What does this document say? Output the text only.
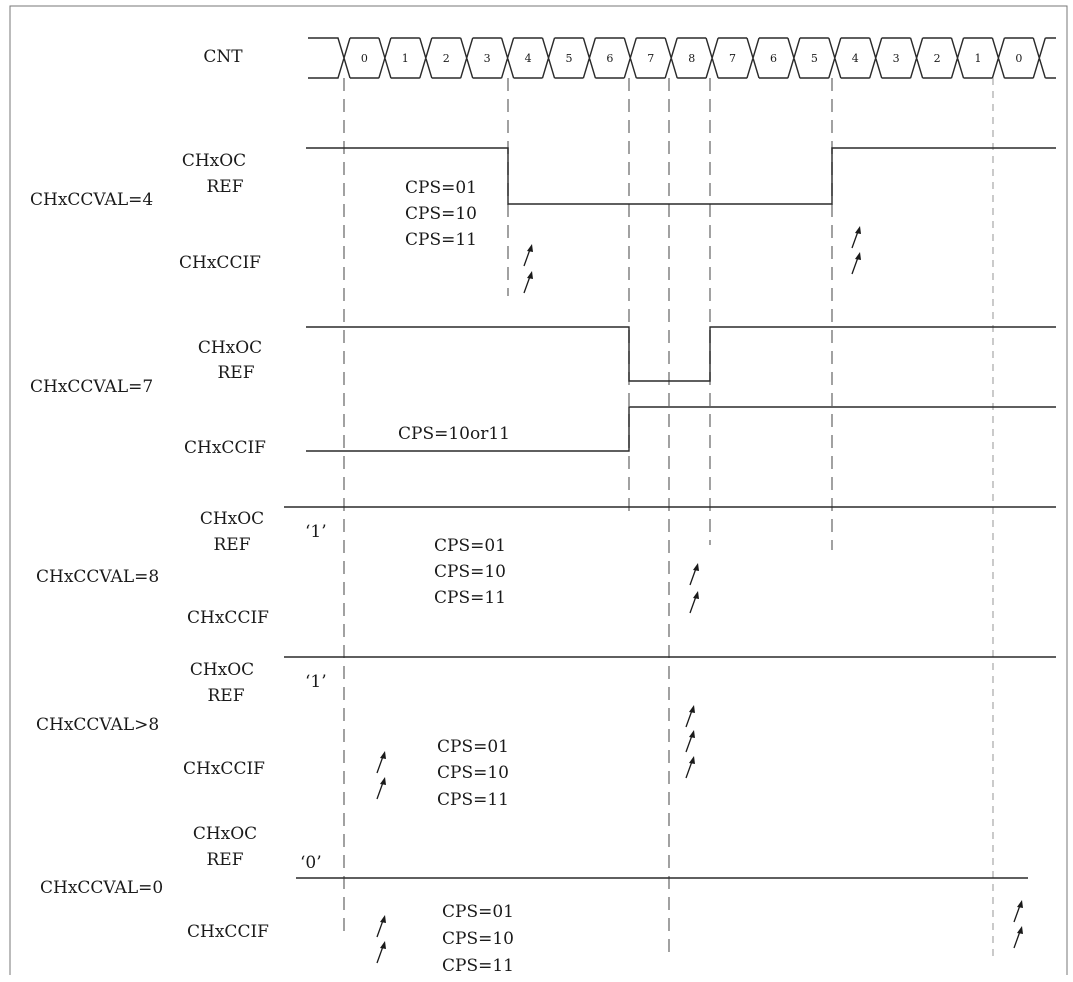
CNT	0	1	2	3	4	5	6	7	8	7	6	5	4	3	2	1	0
CHxCCVAL=4
CHxOC
REF
CHxCCIF
CPS=01
CPS=10
CPS=11
CHxCCVAL=7
CHxOC
REF
CHxCCIF
CPS=10or11
CHxCCVAL=8
CHxOC
REF
CHxCCIF
‘1’
CPS=01
CPS=10
CPS=11
CHxCCVAL>8
CHxOC
REF
CHxCCIF
‘1’
CPS=01
CPS=10
CPS=11
CHxCCVAL=0
CHxOC
REF
CHxCCIF
‘0’
CPS=01
CPS=10
CPS=11
